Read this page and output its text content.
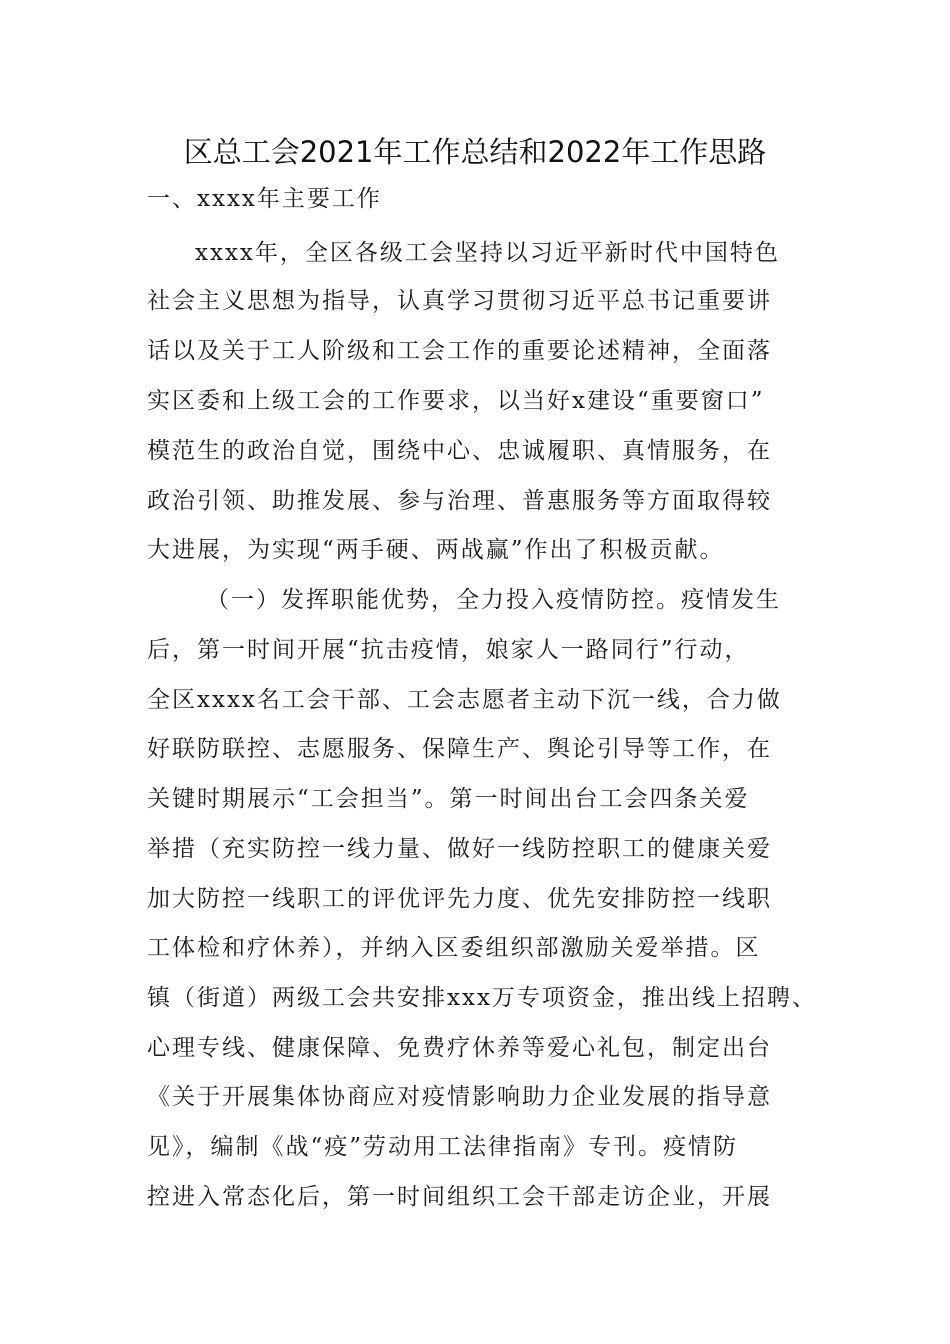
区总工会2021年工作总结和2022年工作思路
一、xxxx年主要工作
xxxx年，全区各级工会坚持以习近平新时代中国特色
社会主义思想为指导，认真学习贯彻习近平总书记重要讲
话以及关于工人阶级和工会工作的重要论述精神，全面落
实区委和上级工会的工作要求，以当好x建设“重要窗口”
模范生的政治自觉，围绕中心、忠诚履职、真情服务，在
政治引领、助推发展、参与治理、普惠服务等方面取得较
大进展，为实现“两手硬、两战赢”作出了积极贡献。
（一）发挥职能优势，全力投入疫情防控。疫情发生
后，第一时间开展“抗击疫情，娘家人一路同行”行动，
全区xxxx名工会干部、工会志愿者主动下沉一线，合力做
好联防联控、志愿服务、保障生产、舆论引导等工作，在
关键时期展示“工会担当”。第一时间出台工会四条关爱
举措（充实防控一线力量、做好一线防控职工的健康关爱
加大防控一线职工的评优评先力度、优先安排防控一线职
工体检和疗休养），并纳入区委组织部激励关爱举措。区
镇（街道）两级工会共安排xxx万专项资金，推出线上招聘、
心理专线、健康保障、免费疗休养等爱心礼包，制定出台
《关于开展集体协商应对疫情影响助力企业发展的指导意
见》，编制《战“疫”劳动用工法律指南》专刊。疫情防
控进入常态化后，第一时间组织工会干部走访企业，开展
